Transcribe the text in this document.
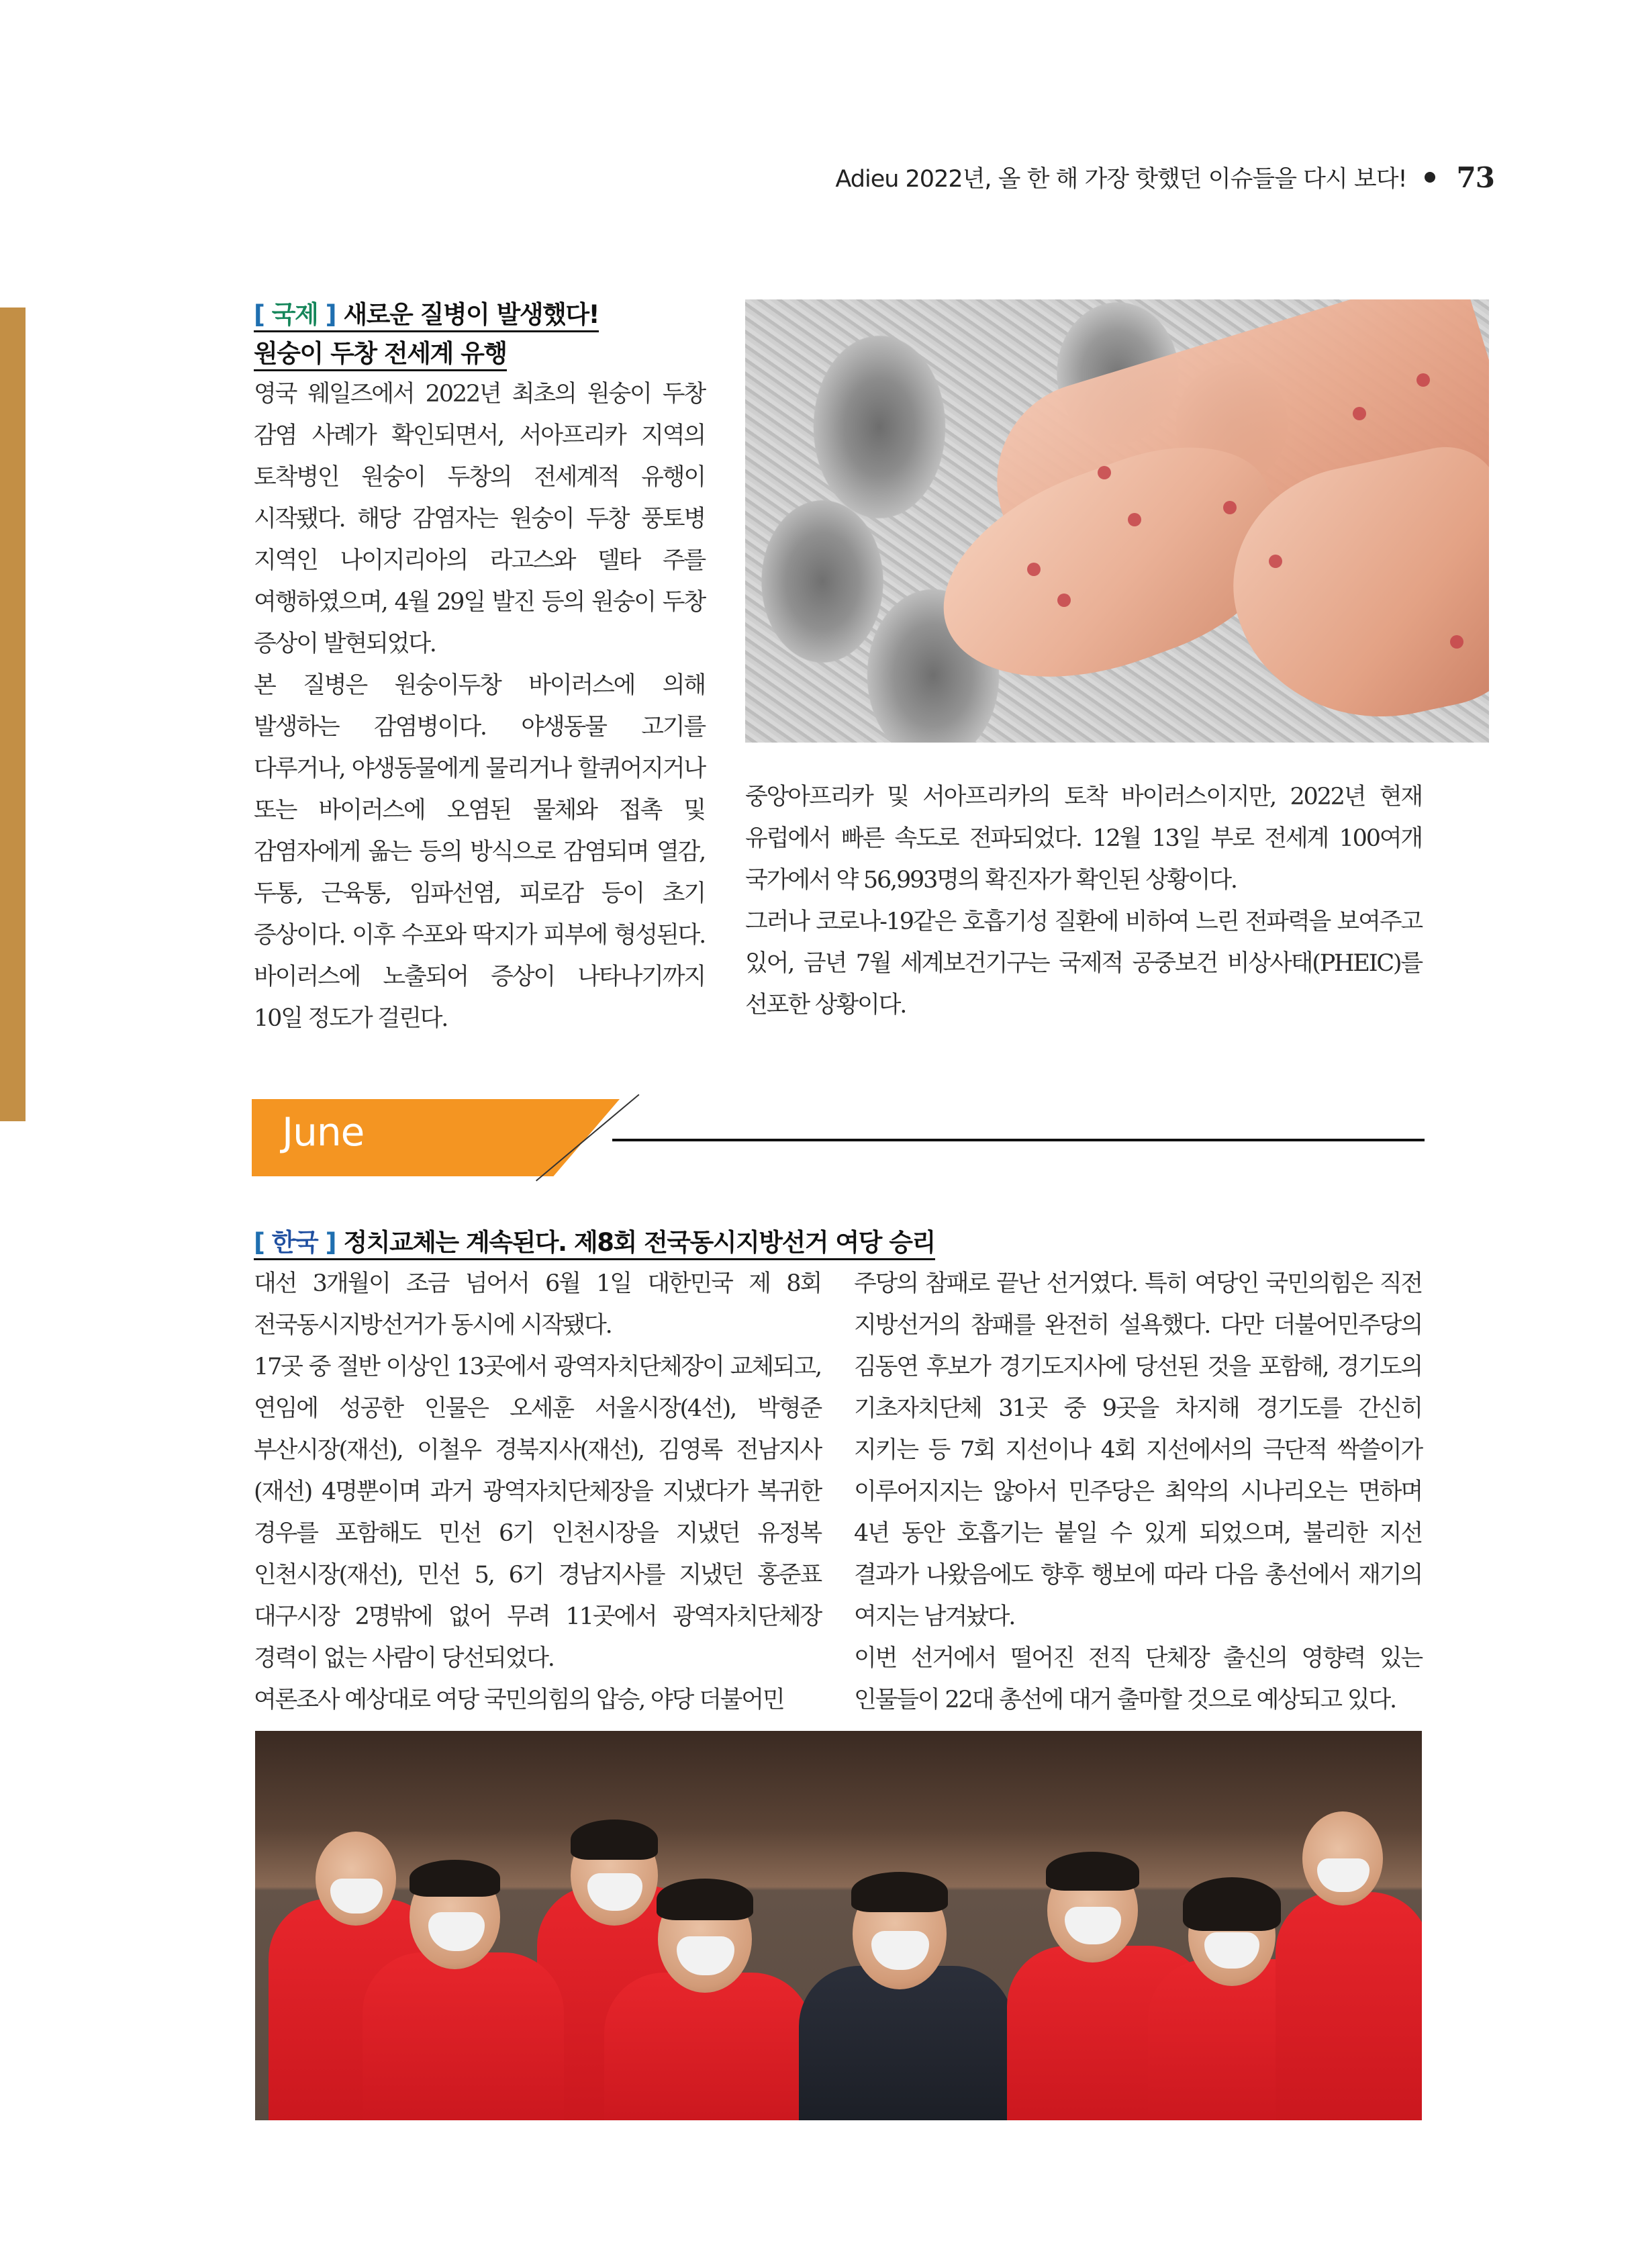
Adieu 2022년, 올 한 해 가장 핫했던 이슈들을 다시 보다! 73
[ 국제 ] 새로운 질병이 발생했다!
원숭이 두창 전세계 유행
영국 웨일즈에서 2022년 최초의 원숭이 두창 감염 사례가 확인되면서, 서아프리카 지역의 토착병인 원숭이 두창의 전세계적 유행이 시작됐다. 해당 감염자는 원숭이 두창 풍토병 지역인 나이지리아의 라고스와 델타 주를 여행하였으며, 4월 29일 발진 등의 원숭이 두창 증상이 발현되었다.
본 질병은 원숭이두창 바이러스에 의해 발생하는 감염병이다. 야생동물 고기를 다루거나, 야생동물에게 물리거나 할퀴어지거나 또는 바이러스에 오염된 물체와 접촉 및 감염자에게 옮는 등의 방식으로 감염되며 열감, 두통, 근육통, 임파선염, 피로감 등이 초기 증상이다. 이후 수포와 딱지가 피부에 형성된다. 바이러스에 노출되어 증상이 나타나기까지 10일 정도가 걸린다.
중앙아프리카 및 서아프리카의 토착 바이러스이지만, 2022년 현재 유럽에서 빠른 속도로 전파되었다. 12월 13일 부로 전세계 100여개 국가에서 약 56,993명의 확진자가 확인된 상황이다.
그러나 코로나-19같은 호흡기성 질환에 비하여 느린 전파력을 보여주고 있어, 금년 7월 세계보건기구는 국제적 공중보건 비상사태(PHEIC)를 선포한 상황이다.
June
[ 한국 ] 정치교체는 계속된다. 제8회 전국동시지방선거 여당 승리
대선 3개월이 조금 넘어서 6월 1일 대한민국 제 8회 전국동시지방선거가 동시에 시작됐다.
17곳 중 절반 이상인 13곳에서 광역자치단체장이 교체되고, 연임에 성공한 인물은 오세훈 서울시장(4선), 박형준 부산시장(재선), 이철우 경북지사(재선), 김영록 전남지사(재선) 4명뿐이며 과거 광역자치단체장을 지냈다가 복귀한 경우를 포함해도 민선 6기 인천시장을 지냈던 유정복 인천시장(재선), 민선 5, 6기 경남지사를 지냈던 홍준표 대구시장 2명밖에 없어 무려 11곳에서 광역자치단체장 경력이 없는 사람이 당선되었다.
여론조사 예상대로 여당 국민의힘의 압승, 야당 더불어민
주당의 참패로 끝난 선거였다. 특히 여당인 국민의힘은 직전 지방선거의 참패를 완전히 설욕했다. 다만 더불어민주당의 김동연 후보가 경기도지사에 당선된 것을 포함해, 경기도의 기초자치단체 31곳 중 9곳을 차지해 경기도를 간신히 지키는 등 7회 지선이나 4회 지선에서의 극단적 싹쓸이가 이루어지지는 않아서 민주당은 최악의 시나리오는 면하며 4년 동안 호흡기는 붙일 수 있게 되었으며, 불리한 지선 결과가 나왔음에도 향후 행보에 따라 다음 총선에서 재기의 여지는 남겨놨다.
이번 선거에서 떨어진 전직 단체장 출신의 영향력 있는 인물들이 22대 총선에 대거 출마할 것으로 예상되고 있다.
